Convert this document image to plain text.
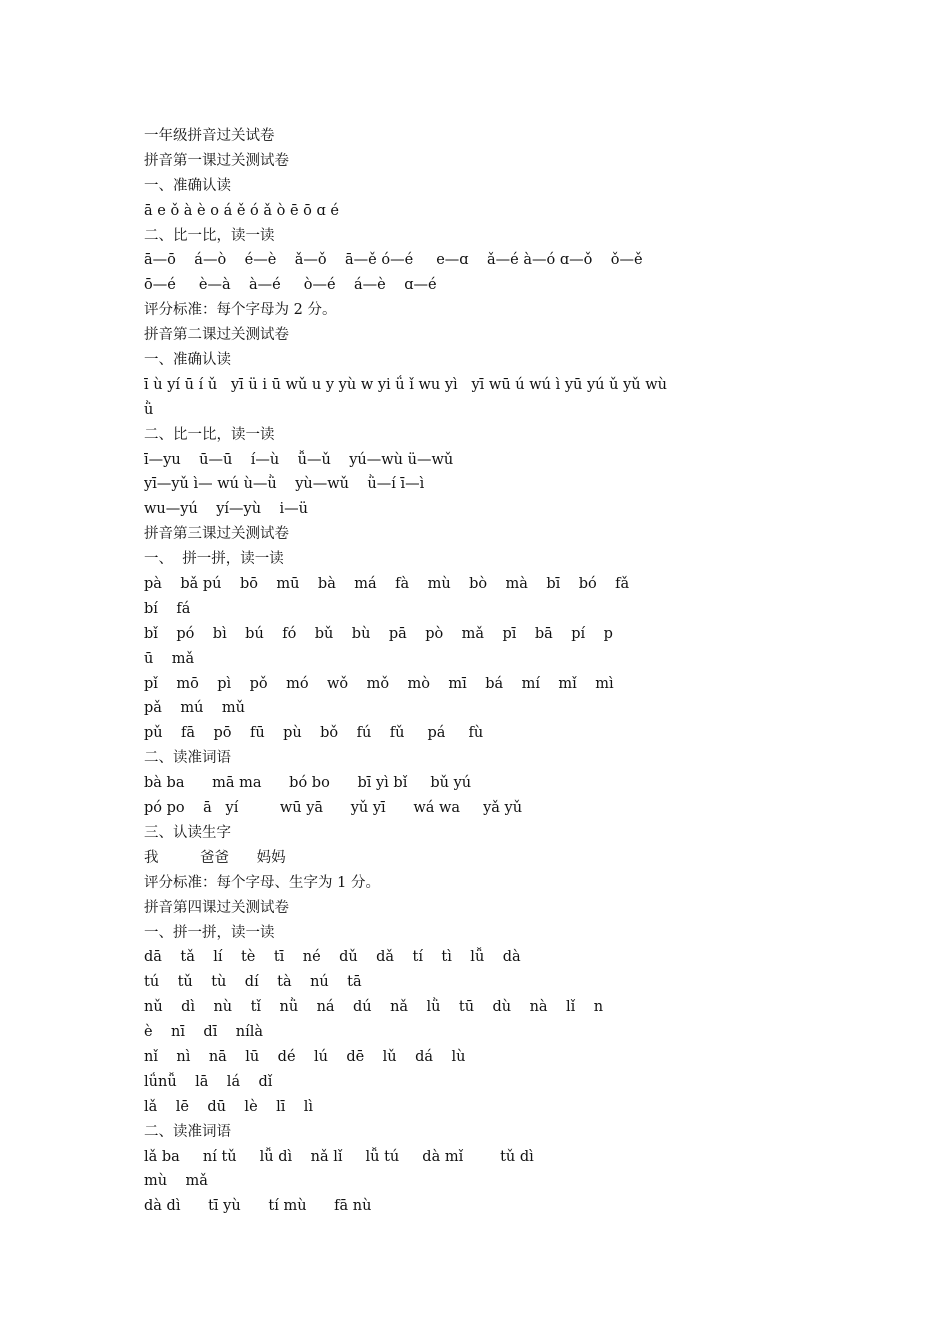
一年级拼音过关试卷
拼音第一课过关测试卷
一、准确认读
ā e ǒ à è o á ě ó ǎ ò ē ō ɑ é
二、比一比，读一读
ā—ō    á—ò    é—è    ǎ—ǒ    ā—ě ó—é     e—ɑ    ǎ—é à—ó ɑ—ǒ    ǒ—ě
ō—é     è—à    à—é     ò—é    á—è    ɑ—é
评分标准：每个字母为 2 分。
拼音第二课过关测试卷
一、准确认读
ī ù yí ū í ǔ   yī ü i ū wǔ u y yù w yi ǘ ǐ wu yì   yī wū ú wú ì yū yú ǔ yǔ wù
ǜ
二、比一比，读一读
ī—yu    ū—ū    í—ù    ǚ—ǔ    yú—wù ü—wǔ
yī—yǔ ì— wú ù—ǜ    yù—wǔ    ǜ—í ī—ì
wu—yú    yí—yù    i—ü
拼音第三课过关测试卷
一、  拼一拼，读一读
pà    bǎ pú    bō    mū    bà    má    fà    mù    bò    mà    bī    bó    fǎ
bí    fá
bǐ    pó    bì    bú    fó    bǔ    bù    pā    pò    mǎ    pī    bā    pí    p
ū    mǎ
pǐ    mō    pì    pǒ    mó    wǒ    mǒ    mò    mī    bá    mí    mǐ    mì
pǎ    mú    mǔ
pǔ    fā    pō    fū    pù    bǒ    fú    fǔ     pá     fù
二、读准词语
bà ba      mā ma      bó bo      bī yì bǐ     bǔ yú
pó po    ā   yí         wū yā      yǔ yī      wá wa     yǎ yǔ
三、认读生字
我         爸爸      妈妈
评分标准：每个字母、生字为 1 分。
拼音第四课过关测试卷
一、拼一拼，读一读
dā    tǎ    lí    tè    tī    né    dǔ    dǎ    tí    tì    lǚ    dà
tú    tǔ    tù    dí    tà    nú    tā
nǔ    dì    nù    tǐ    nǜ    ná    dú    nǎ    lǜ    tū    dù    nà    lǐ    n
è    nī    dī    nílà
nǐ    nì    nā    lū    dé    lú    dē    lǔ    dá    lù
lǘnǚ    lā    lá    dǐ
lǎ    lē    dū    lè    lī    lì
二、读准词语
lǎ ba     ní tǔ     lǚ dì    nǎ lǐ     lǚ tú     dà mǐ        tǔ dì
mù    mǎ
dà dì      tī yù      tí mù      fā nù
